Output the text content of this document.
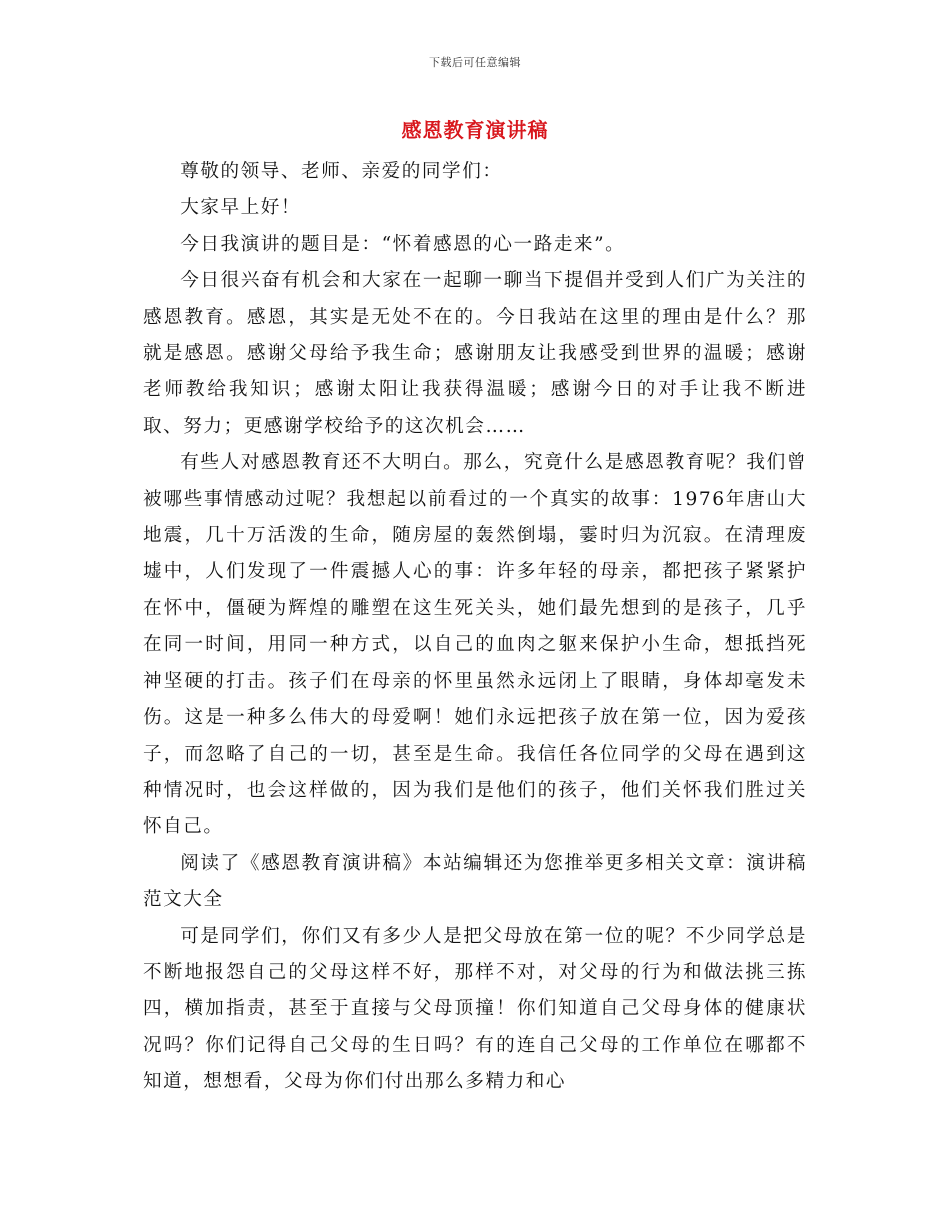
下载后可任意编辑
感恩教育演讲稿

尊敬的领导、老师、亲爱的同学们：

大家早上好！

今日我演讲的题目是：“怀着感恩的心一路走来”。

今日很兴奋有机会和大家在一起聊一聊当下提倡并受到人们广为关注的感恩教育。感恩，其实是无处不在的。今日我站在这里的理由是什么？那就是感恩。感谢父母给予我生命；感谢朋友让我感受到世界的温暖；感谢老师教给我知识；感谢太阳让我获得温暖；感谢今日的对手让我不断进取、努力；更感谢学校给予的这次机会……

有些人对感恩教育还不大明白。那么，究竟什么是感恩教育呢？我们曾被哪些事情感动过呢？我想起以前看过的一个真实的故事：1976年唐山大地震，几十万活泼的生命，随房屋的轰然倒塌，霎时归为沉寂。在清理废墟中，人们发现了一件震撼人心的事：许多年轻的母亲，都把孩子紧紧护在怀中，僵硬为辉煌的雕塑在这生死关头，她们最先想到的是孩子，几乎在同一时间，用同一种方式，以自己的血肉之躯来保护小生命，想抵挡死神坚硬的打击。孩子们在母亲的怀里虽然永远闭上了眼睛，身体却毫发未伤。这是一种多么伟大的母爱啊！她们永远把孩子放在第一位，因为爱孩子，而忽略了自己的一切，甚至是生命。我信任各位同学的父母在遇到这种情况时，也会这样做的，因为我们是他们的孩子，他们关怀我们胜过关怀自己。

阅读了《感恩教育演讲稿》本站编辑还为您推举更多相关文章：演讲稿范文大全

可是同学们，你们又有多少人是把父母放在第一位的呢？不少同学总是不断地报怨自己的父母这样不好，那样不对，对父母的行为和做法挑三拣四，横加指责，甚至于直接与父母顶撞！你们知道自己父母身体的健康状况吗？你们记得自己父母的生日吗？有的连自己父母的工作单位在哪都不知道，想想看，父母为你们付出那么多精力和心
